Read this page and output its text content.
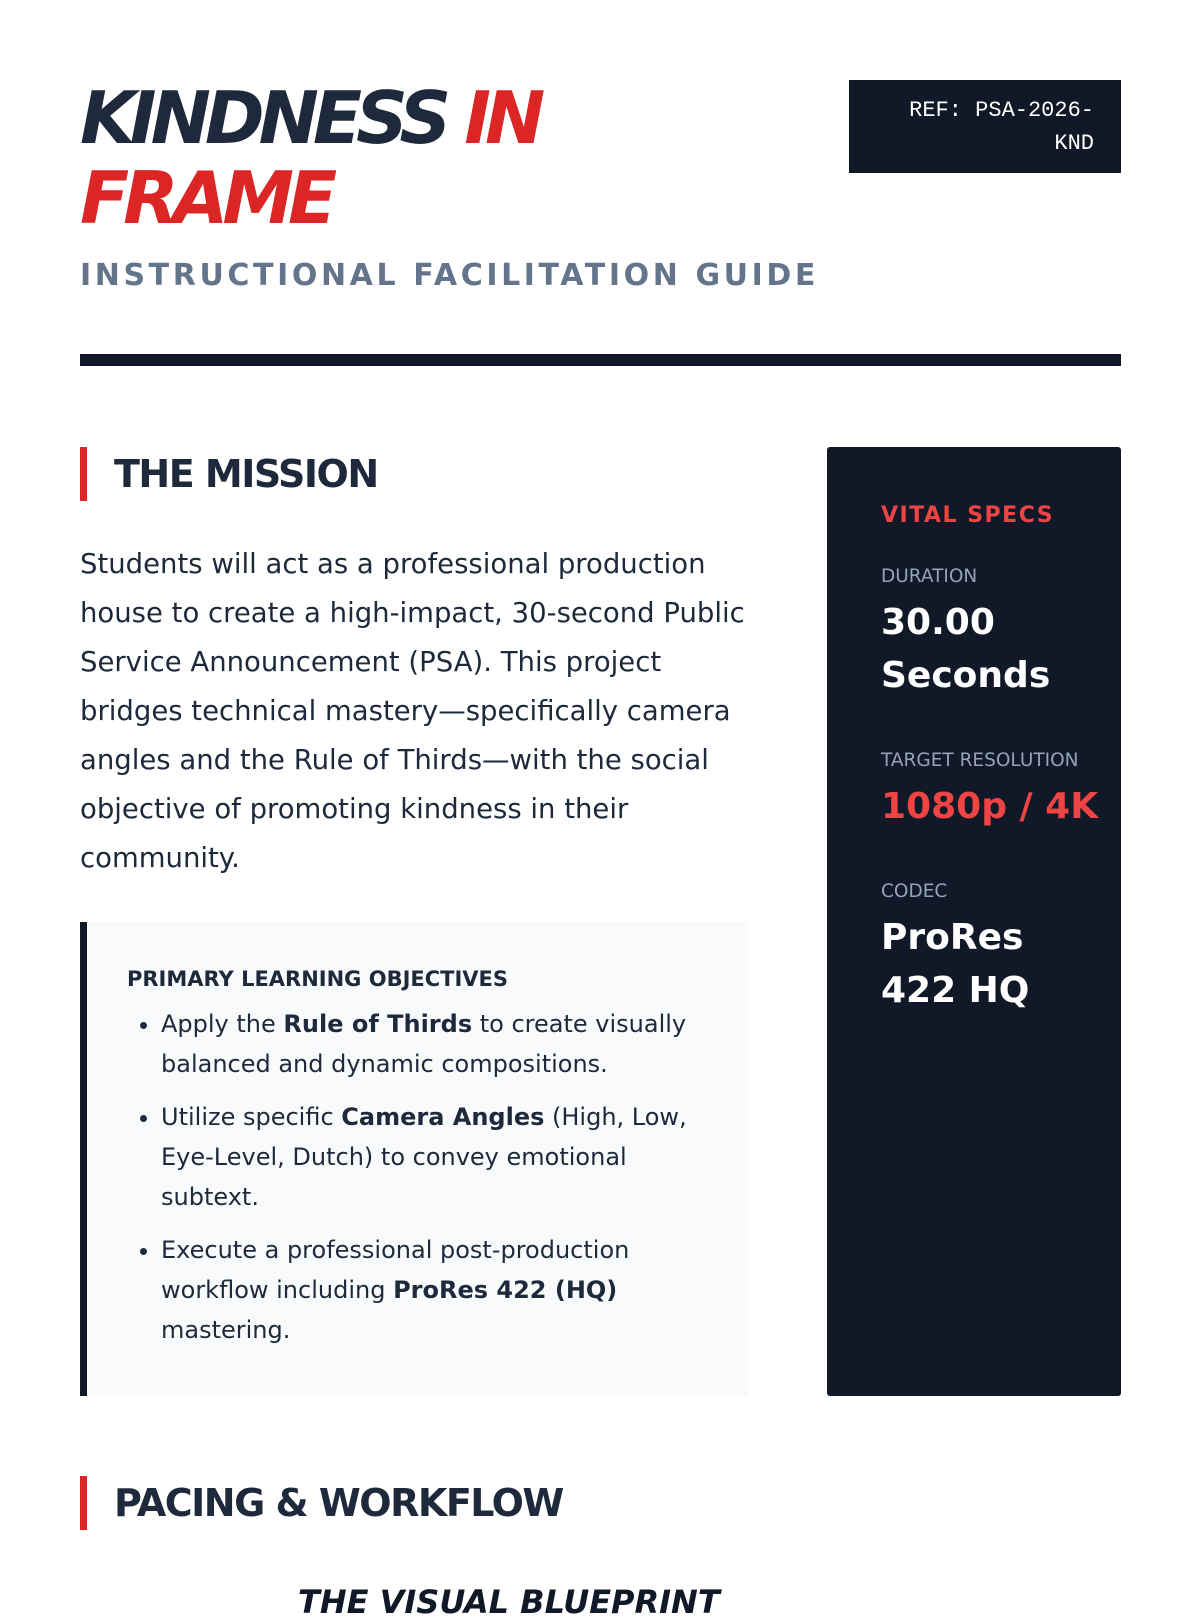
KINDNESS IN
FRAME
INSTRUCTIONAL FACILITATION GUIDE
REF: PSA-2026-
KND
THE MISSION

Students will act as a professional production house to create a high-impact, 30-second Public Service Announcement (PSA). This project bridges technical mastery—specifically camera angles and the Rule of Thirds—with the social objective of promoting kindness in their community.

PRIMARY LEARNING OBJECTIVES
• Apply the Rule of Thirds to create visually balanced and dynamic compositions.
• Utilize specific Camera Angles (High, Low, Eye-Level, Dutch) to convey emotional subtext.
• Execute a professional post-production workflow including ProRes 422 (HQ) mastering.
VITAL SPECS
DURATION
30.00 Seconds
TARGET RESOLUTION
1080p / 4K
CODEC
ProRes 422 HQ
PACING & WORKFLOW
THE VISUAL BLUEPRINT
